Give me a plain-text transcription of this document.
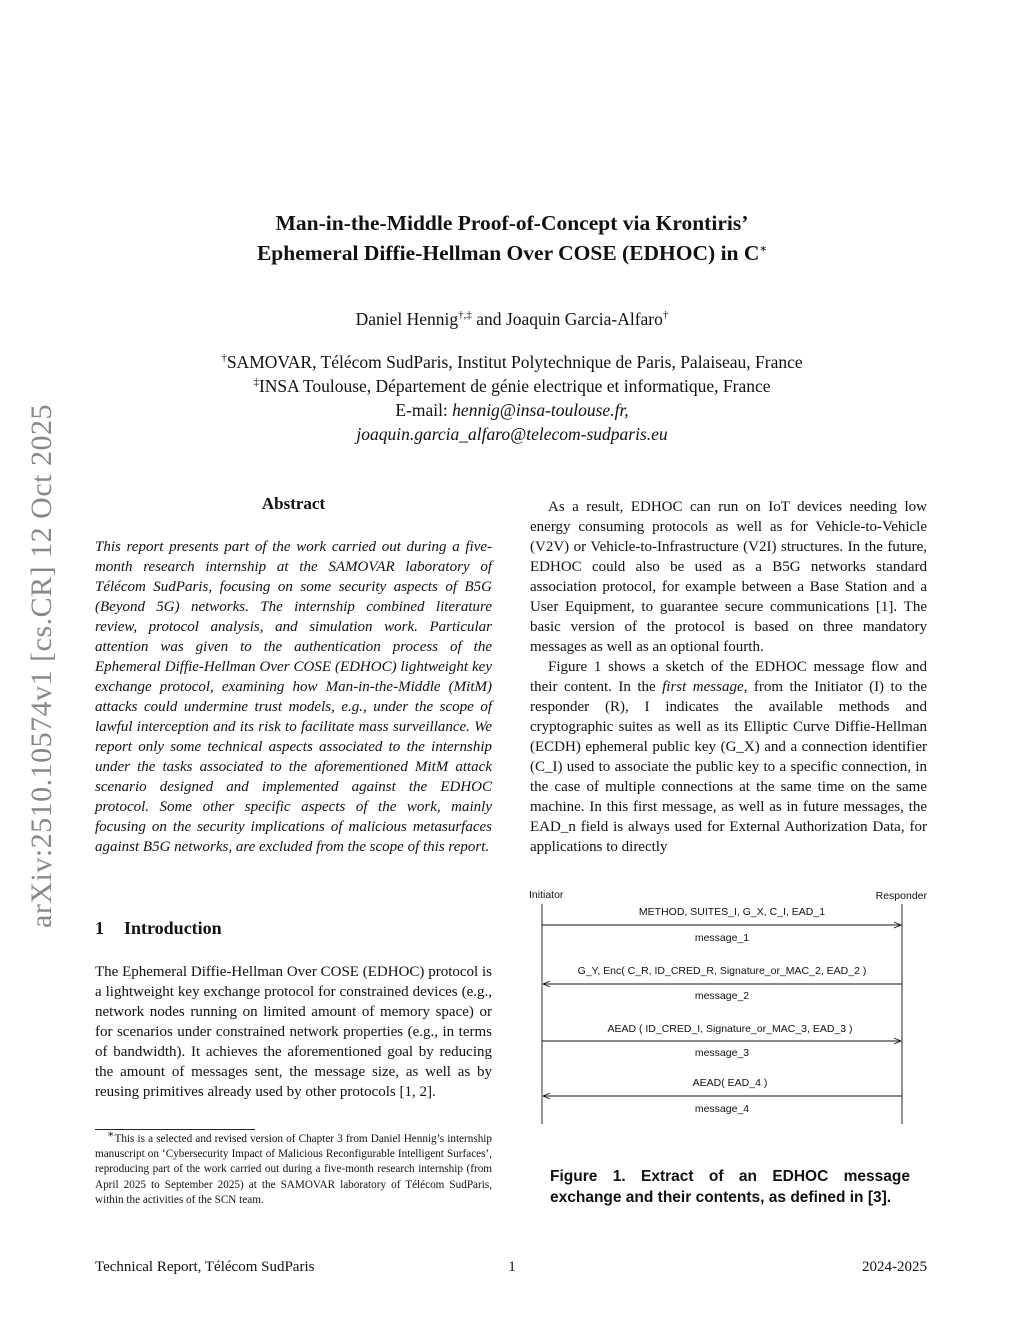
arXiv:2510.10574v1 [cs.CR] 12 Oct 2025
Man-in-the-Middle Proof-of-Concept via Krontiris’
Ephemeral Diffie-Hellman Over COSE (EDHOC) in C∗
Daniel Hennig†,‡ and Joaquin Garcia-Alfaro†
†SAMOVAR, Télécom SudParis, Institut Polytechnique de Paris, Palaiseau, France
‡INSA Toulouse, Département de génie electrique et informatique, France
E-mail: hennig@insa-toulouse.fr,
joaquin.garcia_alfaro@telecom-sudparis.eu
Abstract
This report presents part of the work carried out during a five-month research internship at the SAMOVAR laboratory of Télécom SudParis, focusing on some security aspects of B5G (Beyond 5G) networks. The internship combined literature review, protocol analysis, and simulation work. Particular attention was given to the authentication process of the Ephemeral Diffie-Hellman Over COSE (EDHOC) lightweight key exchange protocol, examining how Man-in-the-Middle (MitM) attacks could undermine trust models, e.g., under the scope of lawful interception and its risk to facilitate mass surveillance. We report only some technical aspects associated to the internship under the tasks associated to the aforementioned MitM attack scenario designed and implemented against the EDHOC protocol. Some other specific aspects of the work, mainly focusing on the security implications of malicious metasurfaces against B5G networks, are excluded from the scope of this report.
1 Introduction

The Ephemeral Diffie-Hellman Over COSE (EDHOC) protocol is a lightweight key exchange protocol for constrained devices (e.g., network nodes running on limited amount of memory space) or for scenarios under constrained network properties (e.g., in terms of bandwidth). It achieves the aforementioned goal by reducing the amount of messages sent, the message size, as well as by reusing primitives already used by other protocols [1, 2].

∗This is a selected and revised version of Chapter 3 from Daniel Hennig’s internship manuscript on ‘Cybersecurity Impact of Malicious Reconfigurable Intelligent Surfaces’, reproducing part of the work carried out during a five-month research internship (from April 2025 to September 2025) at the SAMOVAR laboratory of Télécom SudParis, within the activities of the SCN team.

As a result, EDHOC can run on IoT devices needing low energy consuming protocols as well as for Vehicle-to-Vehicle (V2V) or Vehicle-to-Infrastructure (V2I) structures. In the future, EDHOC could also be used as a B5G networks standard association protocol, for example between a Base Station and a User Equipment, to guarantee secure communications [1]. The basic version of the protocol is based on three mandatory messages as well as an optional fourth.

Figure 1 shows a sketch of the EDHOC message flow and their content. In the first message, from the Initiator (I) to the responder (R), I indicates the available methods and cryptographic suites as well as its Elliptic Curve Diffie-Hellman (ECDH) ephemeral public key (G_X) and a connection identifier (C_I) used to associate the public key to a specific connection, in the case of multiple connections at the same time on the same machine. In this first message, as well as in future messages, the EAD_n field is always used for External Authorization Data, for applications to directly

Initiator	Responder
METHOD, SUITES_I, G_X, C_I, EAD_1
message_1
G_Y, Enc( C_R, ID_CRED_R, Signature_or_MAC_2, EAD_2 )
message_2
AEAD ( ID_CRED_I, Signature_or_MAC_3, EAD_3 )
message_3
AEAD( EAD_4 )
message_4
Figure 1. Extract of an EDHOC message exchange and their contents, as defined in [3].
Technical Report, Télécom SudParis	1	2024-2025
